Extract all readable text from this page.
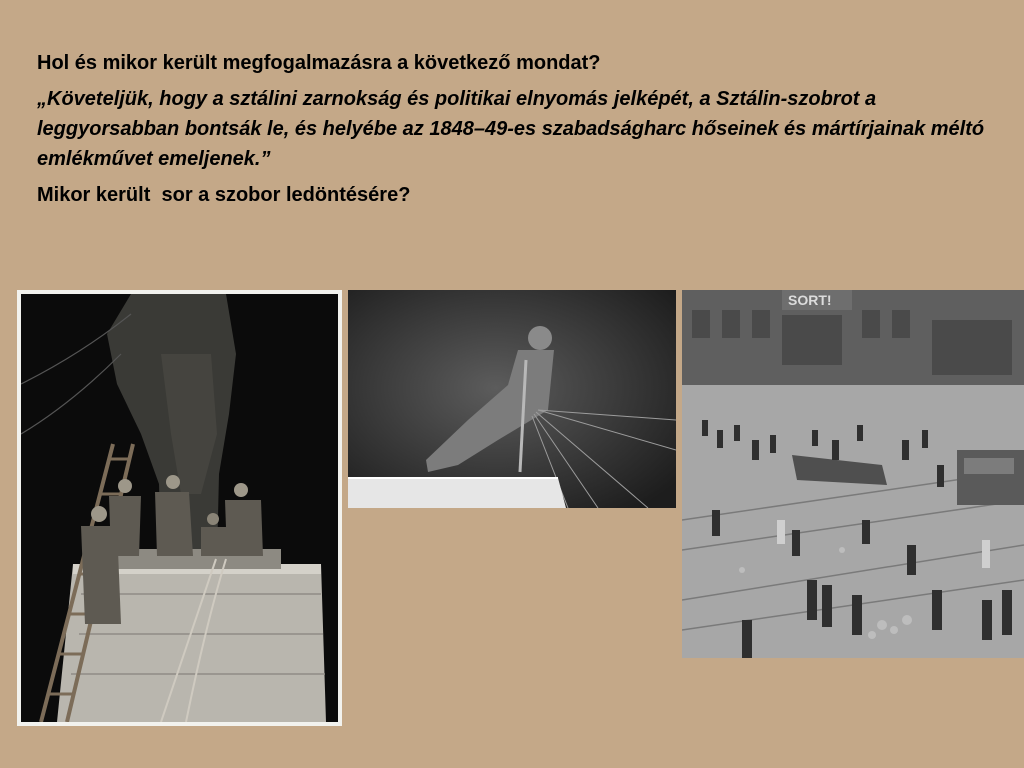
Hol és mikor került megfogalmazásra a következő mondat?

„Követeljük, hogy a sztálini zarnokság és politikai elnyomás jelképét, a Sztálin-szobrot a leggyorsabban bontsák le, és helyébe az 1848–49-es szabadságharc hőseinek és mártírjainak méltó emlékművet emeljenek.”

Mikor került  sor a szobor ledöntésére?

SORT!
